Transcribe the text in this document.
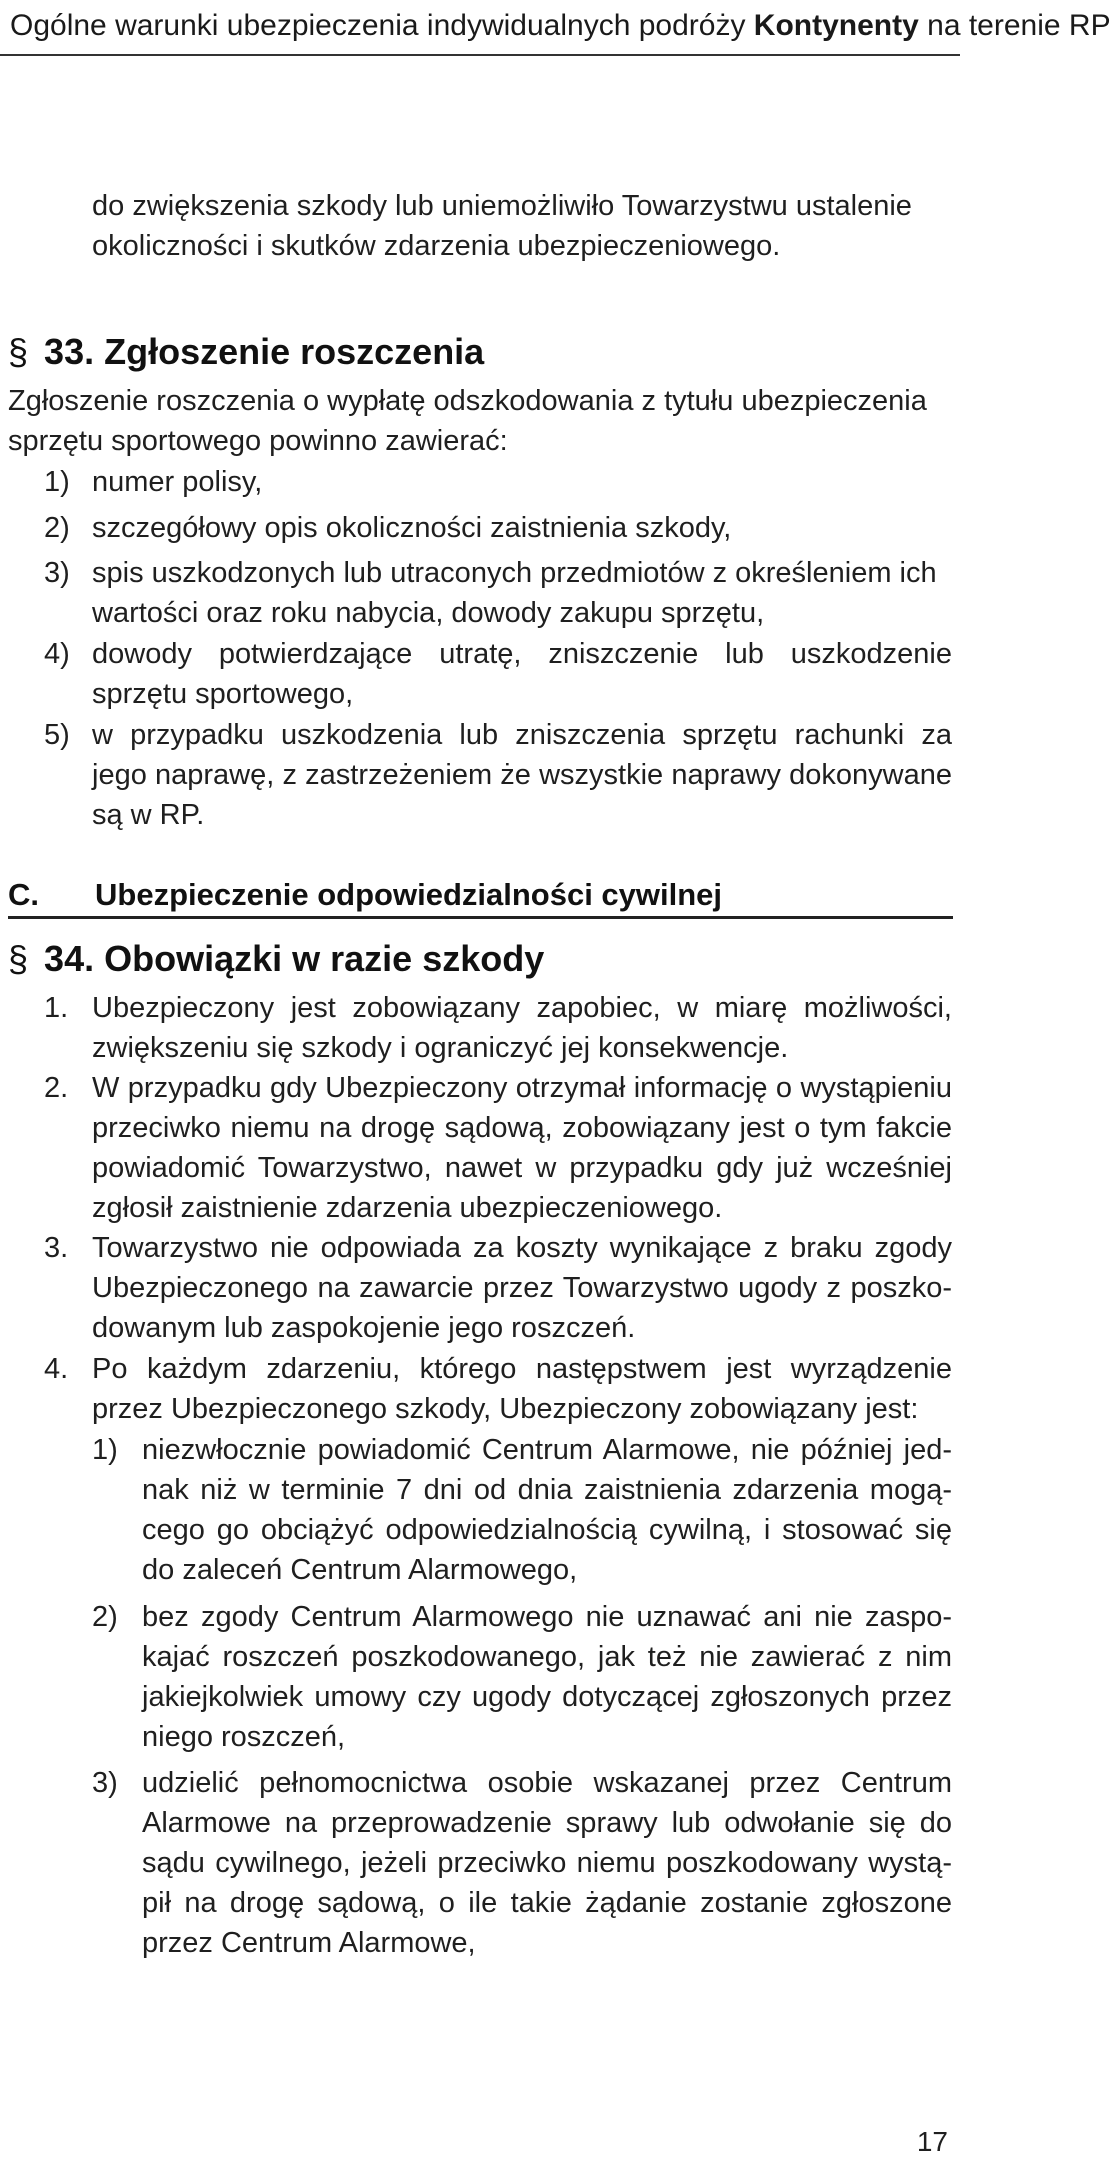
Ogólne warunki ubezpieczenia indywidualnych podróży Kontynenty na terenie RP
do zwiększenia szkody lub uniemożliwiło Towarzystwu ustalenie
okoliczności i skutków zdarzenia ubezpieczeniowego.
§ 33. Zgłoszenie roszczenia
Zgłoszenie roszczenia o wypłatę odszkodowania z tytułu ubezpieczenia
sprzętu sportowego powinno zawierać:
1) numer polisy,
2) szczegółowy opis okoliczności zaistnienia szkody,
3) spis uszkodzonych lub utraconych przedmiotów z określeniem ich
wartości oraz roku nabycia, dowody zakupu sprzętu,
4) dowody potwierdzające utratę, zniszczenie lub uszkodzenie
sprzętu sportowego,
5) w przypadku uszkodzenia lub zniszczenia sprzętu rachunki za
jego naprawę, z zastrzeżeniem że wszystkie naprawy dokonywane
są w RP.
C. Ubezpieczenie odpowiedzialności cywilnej
§ 34. Obowiązki w razie szkody
1. Ubezpieczony jest zobowiązany zapobiec, w miarę możliwości,
zwiększeniu się szkody i ograniczyć jej konsekwencje.
2. W przypadku gdy Ubezpieczony otrzymał informację o wystąpieniu
przeciwko niemu na drogę sądową, zobowiązany jest o tym fakcie
powiadomić Towarzystwo, nawet w przypadku gdy już wcześniej
zgłosił zaistnienie zdarzenia ubezpieczeniowego.
3. Towarzystwo nie odpowiada za koszty wynikające z braku zgody
Ubezpieczonego na zawarcie przez Towarzystwo ugody z poszko-
dowanym lub zaspokojenie jego roszczeń.
4. Po każdym zdarzeniu, którego następstwem jest wyrządzenie
przez Ubezpieczonego szkody, Ubezpieczony zobowiązany jest:
1) niezwłocznie powiadomić Centrum Alarmowe, nie później jed-
nak niż w terminie 7 dni od dnia zaistnienia zdarzenia mogą-
cego go obciążyć odpowiedzialnością cywilną, i stosować się
do zaleceń Centrum Alarmowego,
2) bez zgody Centrum Alarmowego nie uznawać ani nie zaspo-
kajać roszczeń poszkodowanego, jak też nie zawierać z nim
jakiejkolwiek umowy czy ugody dotyczącej zgłoszonych przez
niego roszczeń,
3) udzielić pełnomocnictwa osobie wskazanej przez Centrum
Alarmowe na przeprowadzenie sprawy lub odwołanie się do
sądu cywilnego, jeżeli przeciwko niemu poszkodowany wystą-
pił na drogę sądową, o ile takie żądanie zostanie zgłoszone
przez Centrum Alarmowe,
17
